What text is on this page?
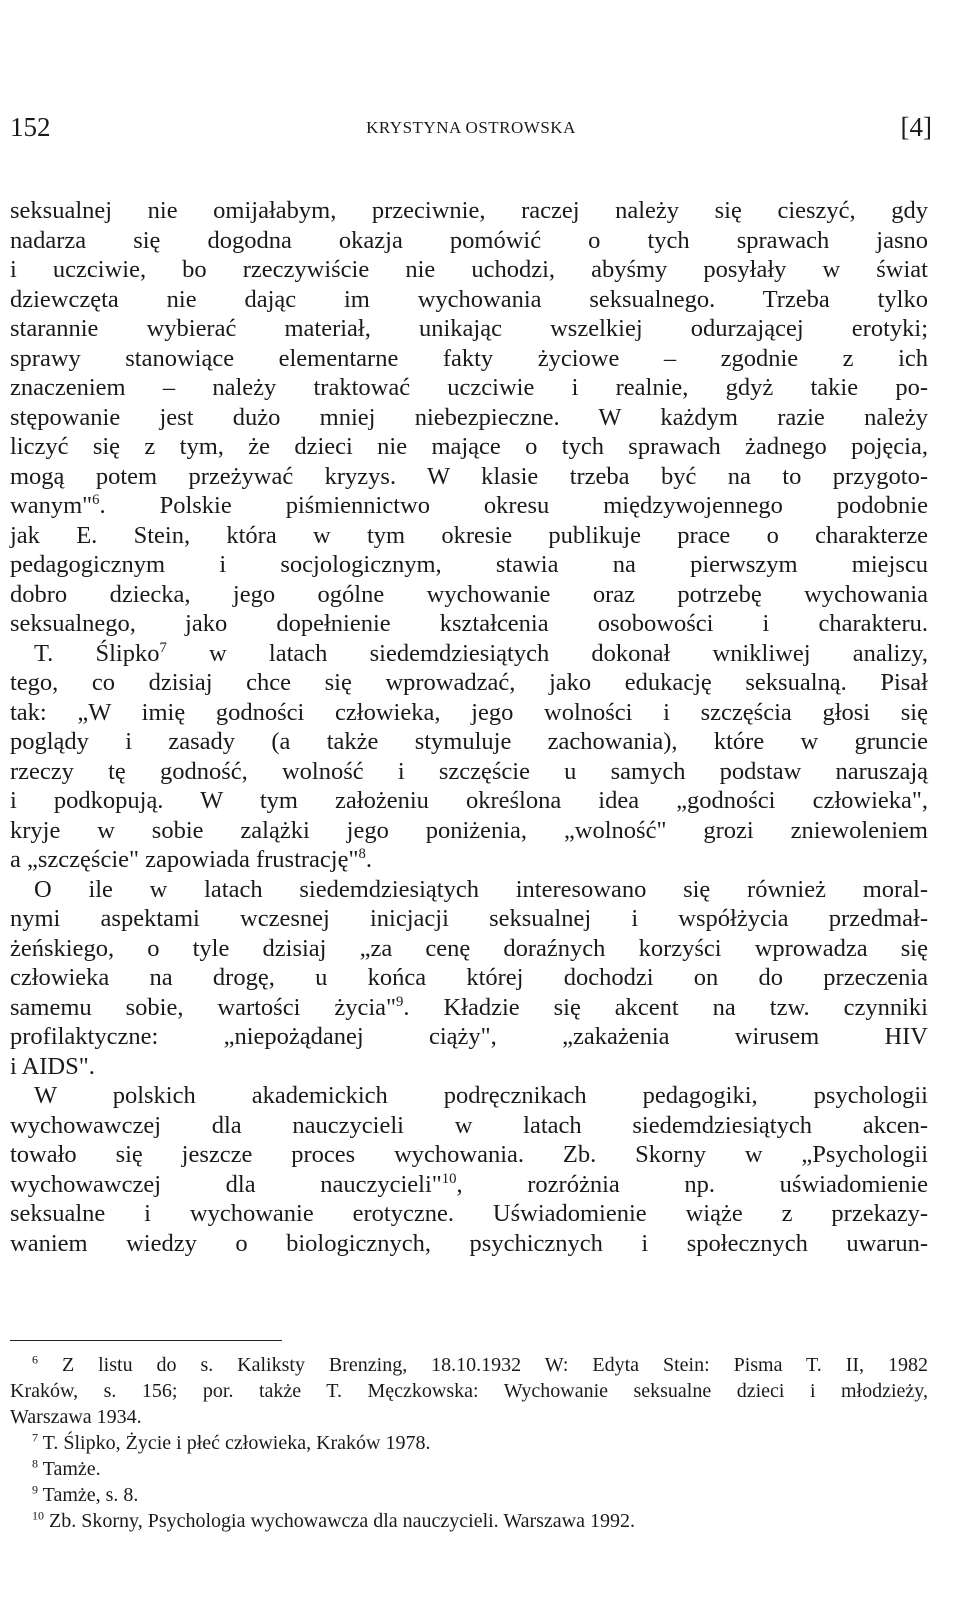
152	KRYSTYNA OSTROWSKA	[4]
seksualnej nie omijałabym, przeciwnie, raczej należy się cieszyć, gdy
nadarza się dogodna okazja pomówić o tych sprawach jasno
i uczciwie, bo rzeczywiście nie uchodzi, abyśmy posyłały w świat
dziewczęta nie dając im wychowania seksualnego. Trzeba tylko
starannie wybierać materiał, unikając wszelkiej odurzającej erotyki;
sprawy stanowiące elementarne fakty życiowe – zgodnie z ich
znaczeniem – należy traktować uczciwie i realnie, gdyż takie po-
stępowanie jest dużo mniej niebezpieczne. W każdym razie należy
liczyć się z tym, że dzieci nie mające o tych sprawach żadnego pojęcia,
mogą potem przeżywać kryzys. W klasie trzeba być na to przygoto-
wanym"$^6$. Polskie piśmiennictwo okresu międzywojennego podobnie
jak E. Stein, która w tym okresie publikuje prace o charakterze
pedagogicznym i socjologicznym, stawia na pierwszym miejscu
dobro dziecka, jego ogólne wychowanie oraz potrzebę wychowania
seksualnego, jako dopełnienie kształcenia osobowości i charakteru.
T. Ślipko$^7$ w latach siedemdziesiątych dokonał wnikliwej analizy,
tego, co dzisiaj chce się wprowadzać, jako edukację seksualną. Pisał
tak: „W imię godności człowieka, jego wolności i szczęścia głosi się
poglądy i zasady (a także stymuluje zachowania), które w gruncie
rzeczy tę godność, wolność i szczęście u samych podstaw naruszają
i podkopują. W tym założeniu określona idea „godności człowieka",
kryje w sobie zalążki jego poniżenia, „wolność" grozi zniewoleniem
a „szczęście" zapowiada frustrację"$^8$.
O ile w latach siedemdziesiątych interesowano się również moral-
nymi aspektami wczesnej inicjacji seksualnej i współżycia przedmał-
żeńskiego, o tyle dzisiaj „za cenę doraźnych korzyści wprowadza się
człowieka na drogę, u końca której dochodzi on do przeczenia
samemu sobie, wartości życia"$^9$. Kładzie się akcent na tzw. czynniki
profilaktyczne: „niepożądanej ciąży", „zakażenia wirusem HIV
i AIDS".
W polskich akademickich podręcznikach pedagogiki, psychologii
wychowawczej dla nauczycieli w latach siedemdziesiątych akcen-
towało się jeszcze proces wychowania. Zb. Skorny w „Psychologii
wychowawczej dla nauczycieli"$^{10}$, rozróżnia np. uświadomienie
seksualne i wychowanie erotyczne. Uświadomienie wiąże z przekazy-
waniem wiedzy o biologicznych, psychicznych i społecznych uwarun-
$^6$ Z listu do s. Kaliksty Brenzing, 18.10.1932 W: Edyta Stein: Pisma T. II, 1982
Kraków, s. 156; por. także T. Męczkowska: Wychowanie seksualne dzieci i młodzieży,
Warszawa 1934.
$^7$ T. Ślipko, Życie i płeć człowieka, Kraków 1978.
$^8$ Tamże.
$^9$ Tamże, s. 8.
$^{10}$ Zb. Skorny, Psychologia wychowawcza dla nauczycieli. Warszawa 1992.
